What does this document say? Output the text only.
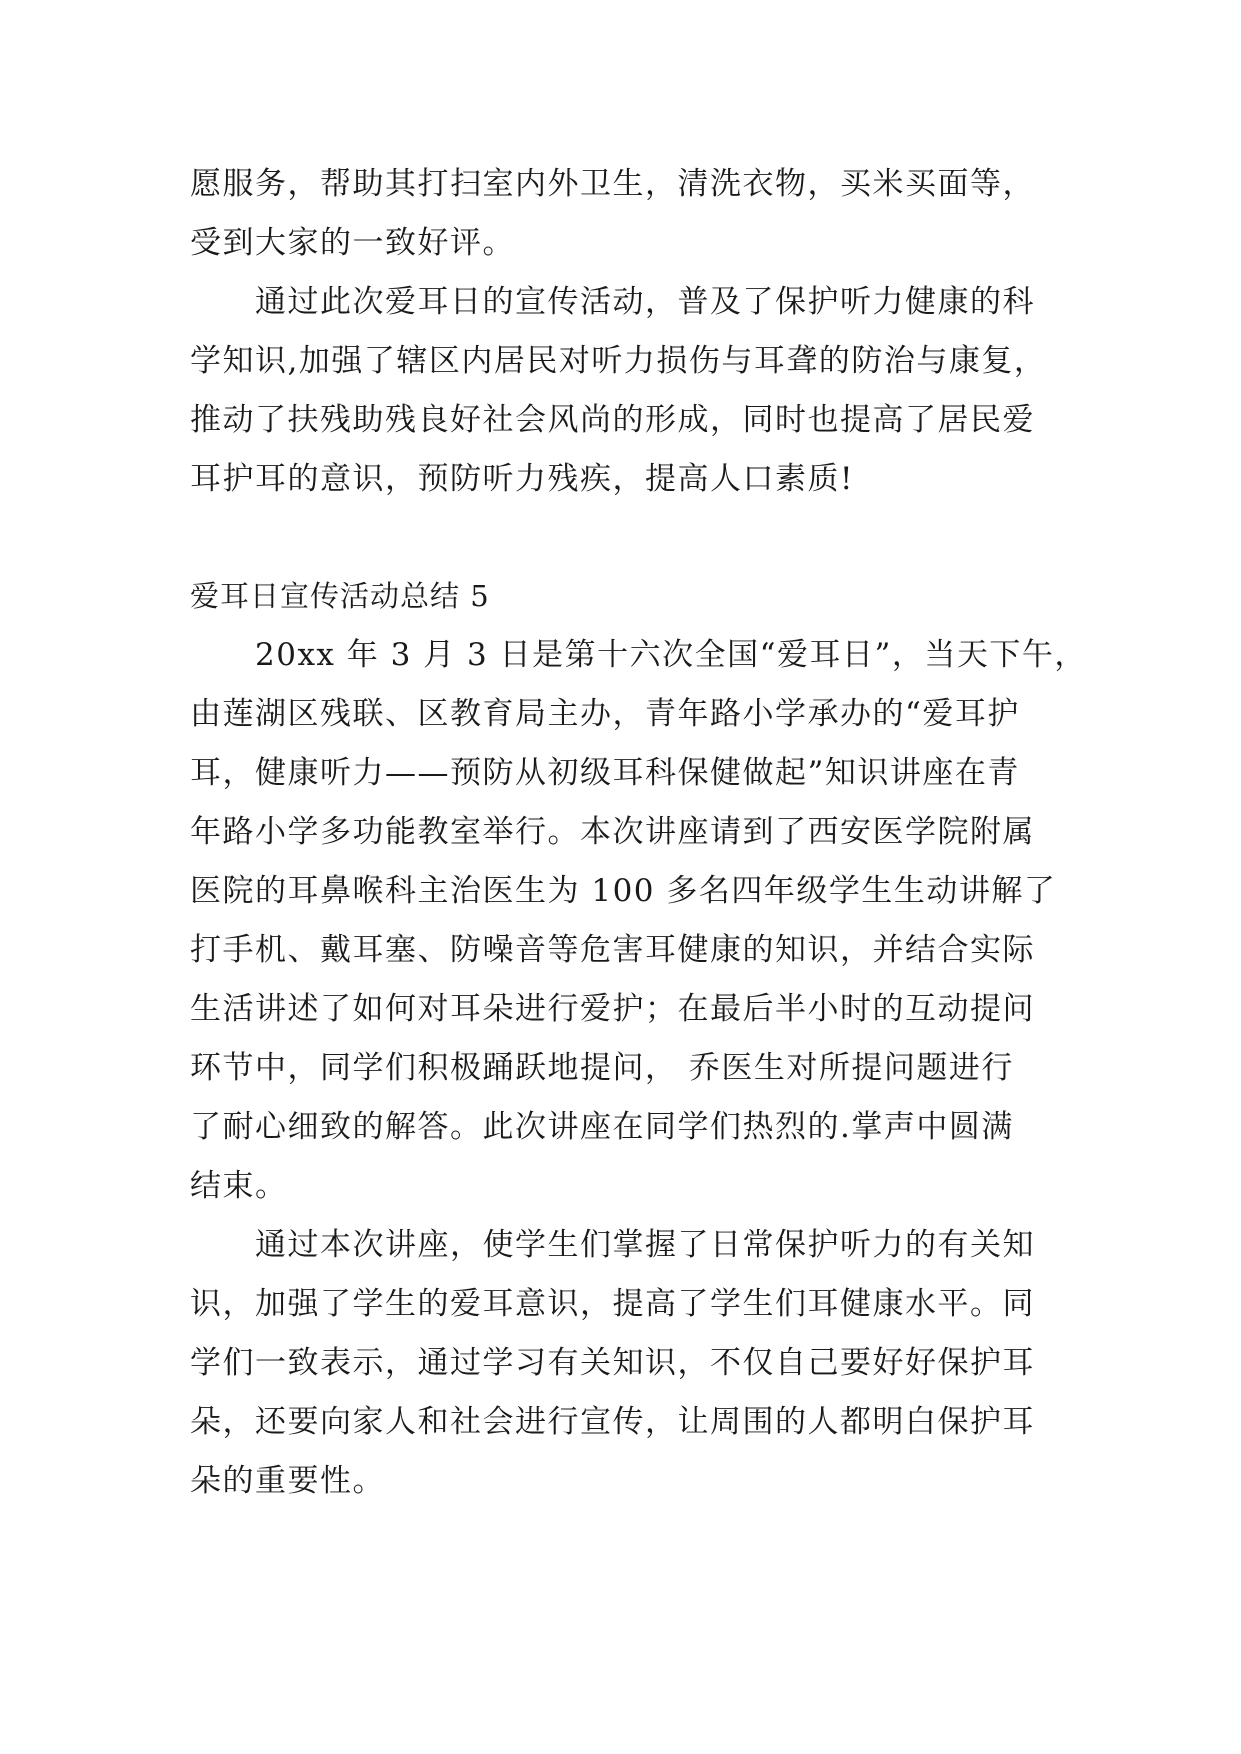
愿服务，帮助其打扫室内外卫生，清洗衣物，买米买面等，
受到大家的一致好评。
　　通过此次爱耳日的宣传活动，普及了保护听力健康的科
学知识,加强了辖区内居民对听力损伤与耳聋的防治与康复，
推动了扶残助残良好社会风尚的形成，同时也提高了居民爱
耳护耳的意识，预防听力残疾，提高人口素质!
爱耳日宣传活动总结 5
　　20xx 年 3 月 3 日是第十六次全国“爱耳日”，当天下午，
由莲湖区残联、区教育局主办，青年路小学承办的“爱耳护
耳，健康听力——预防从初级耳科保健做起”知识讲座在青
年路小学多功能教室举行。本次讲座请到了西安医学院附属
医院的耳鼻喉科主治医生为 100 多名四年级学生生动讲解了
打手机、戴耳塞、防噪音等危害耳健康的知识，并结合实际
生活讲述了如何对耳朵进行爱护；在最后半小时的互动提问
环节中，同学们积极踊跃地提问， 乔医生对所提问题进行
了耐心细致的解答。此次讲座在同学们热烈的.掌声中圆满
结束。
　　通过本次讲座，使学生们掌握了日常保护听力的有关知
识，加强了学生的爱耳意识，提高了学生们耳健康水平。同
学们一致表示，通过学习有关知识，不仅自己要好好保护耳
朵，还要向家人和社会进行宣传，让周围的人都明白保护耳
朵的重要性。
